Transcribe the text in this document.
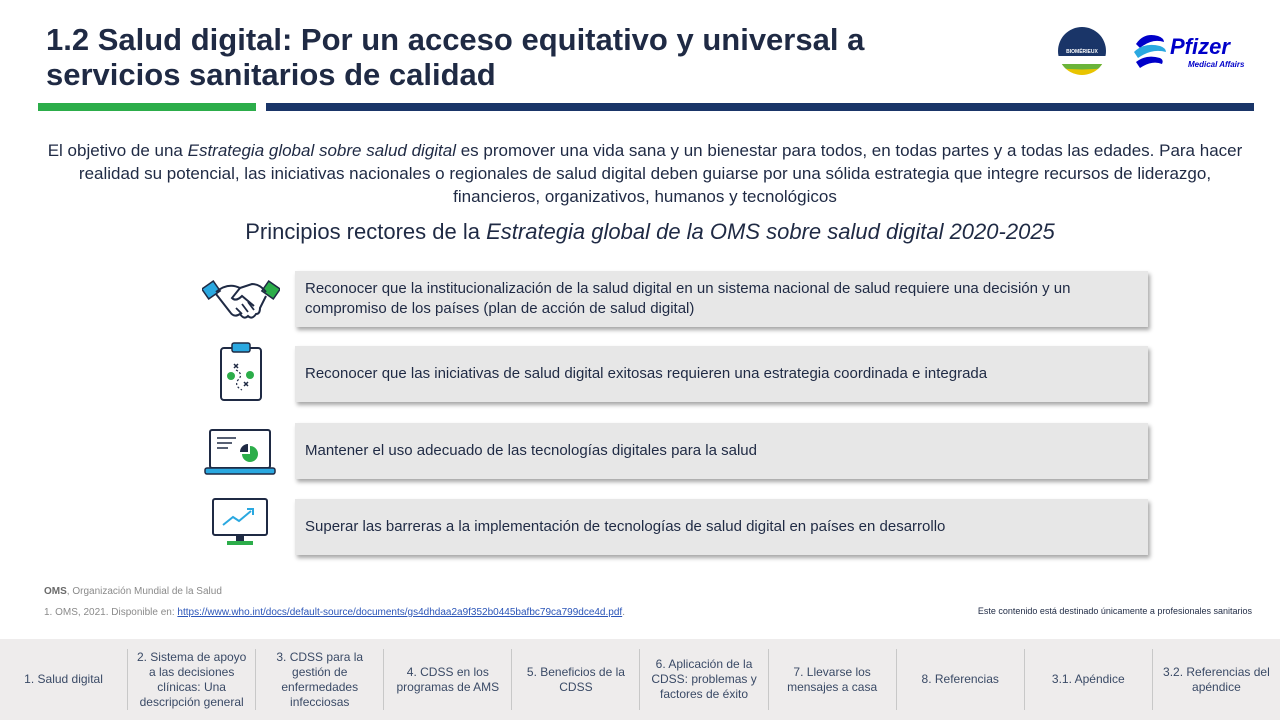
1.2 Salud digital: Por un acceso equitativo y universal a servicios sanitarios de calidad
BIOMÉRIEUX	Pfizer
Medical Affairs
El objetivo de una Estrategia global sobre salud digital es promover una vida sana y un bienestar para todos, en todas partes y a todas las edades. Para hacer realidad su potencial, las iniciativas nacionales o regionales de salud digital deben guiarse por una sólida estrategia que integre recursos de liderazgo, financieros, organizativos, humanos y tecnológicos
Principios rectores de la Estrategia global de la OMS sobre salud digital 2020-2025
Reconocer que la institucionalización de la salud digital en un sistema nacional de salud requiere una decisión y un compromiso de los países (plan de acción de salud digital)
Reconocer que las iniciativas de salud digital exitosas requieren una estrategia coordinada e integrada
Mantener el uso adecuado de las tecnologías digitales para la salud
Superar las barreras a la implementación de tecnologías de salud digital en países en desarrollo
OMS, Organización Mundial de la Salud
1. OMS, 2021. Disponible en: https://www.who.int/docs/default-source/documents/gs4dhdaa2a9f352b0445bafbc79ca799dce4d.pdf.	Este contenido está destinado únicamente a profesionales sanitarios
1. Salud digital
2. Sistema de apoyo a las decisiones clínicas: Una descripción general
3. CDSS para la gestión de enfermedades infecciosas
4. CDSS en los programas de AMS
5. Beneficios de la CDSS
6. Aplicación de la CDSS: problemas y factores de éxito
7. Llevarse los mensajes a casa
8. Referencias	3.1. Apéndice
3.2. Referencias del apéndice
